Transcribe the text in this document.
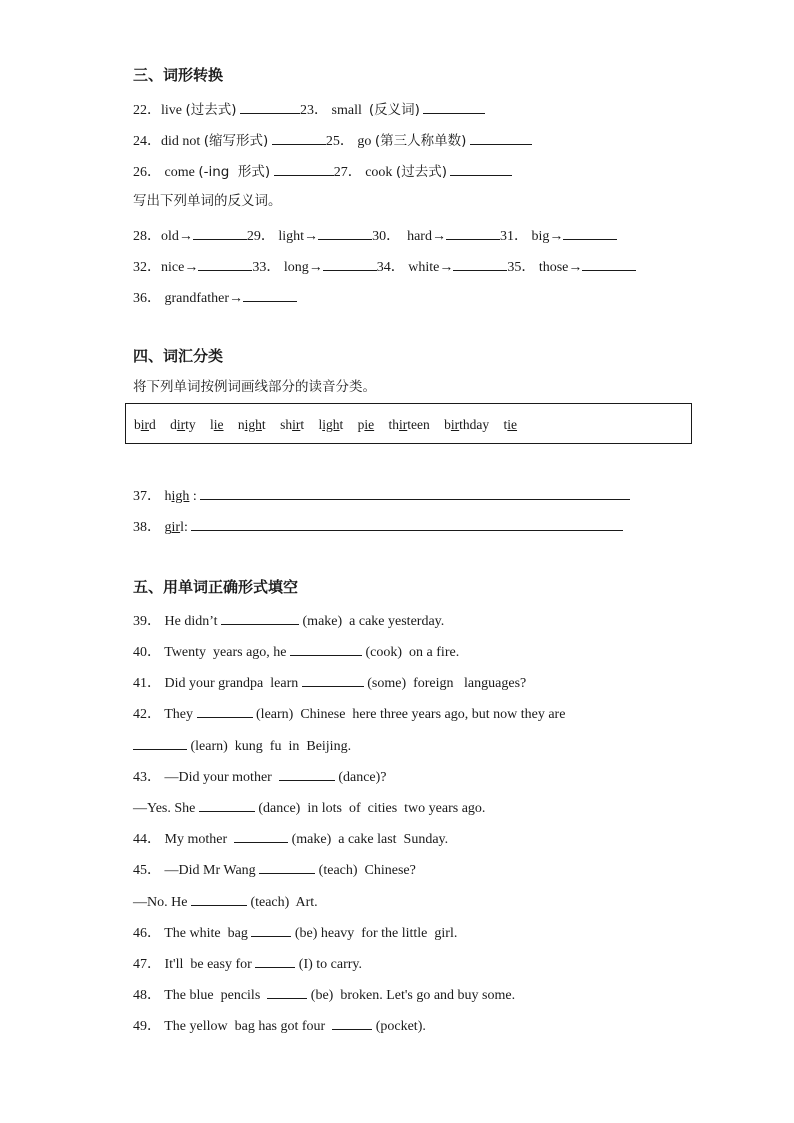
三、词形转换
22．live (过去式)	23． small (反义词)
24．did not (缩写形式)	25． go (第三人称单数)
26． come (-ing  形式)	27． cook (过去式)
写出下列单词的反义词。
28．old→	29． light→	30． hard→	31． big→
32．nice→	33． long→	34． white→	35． those→
36． grandfather→
四、词汇分类
将下列单词按例词画线部分的读音分类。
bird dirty lie night shirt light pie thirteen birthday tie
37． high :
38． girl:
五、用单词正确形式填空
39． He didn’t	(make)  a cake yesterday.
40． Twenty  years ago, he	(cook)  on a fire.
41． Did your grandpa  learn	(some)  foreign   languages?
42． They	(learn)  Chinese  here three years ago, but now they are
(learn)  kung  fu  in  Beijing.
43． —Did your mother	(dance)?
—Yes. She	(dance)  in lots  of  cities  two years ago.
44． My mother	(make)  a cake last  Sunday.
45． —Did Mr Wang	(teach)  Chinese?
—No. He	(teach)  Art.
46． The white  bag	(be) heavy  for the little  girl.
47． It'll  be easy for	(I) to carry.
48． The blue  pencils	(be)  broken. Let's go and buy some.
49． The yellow  bag has got four	(pocket).
